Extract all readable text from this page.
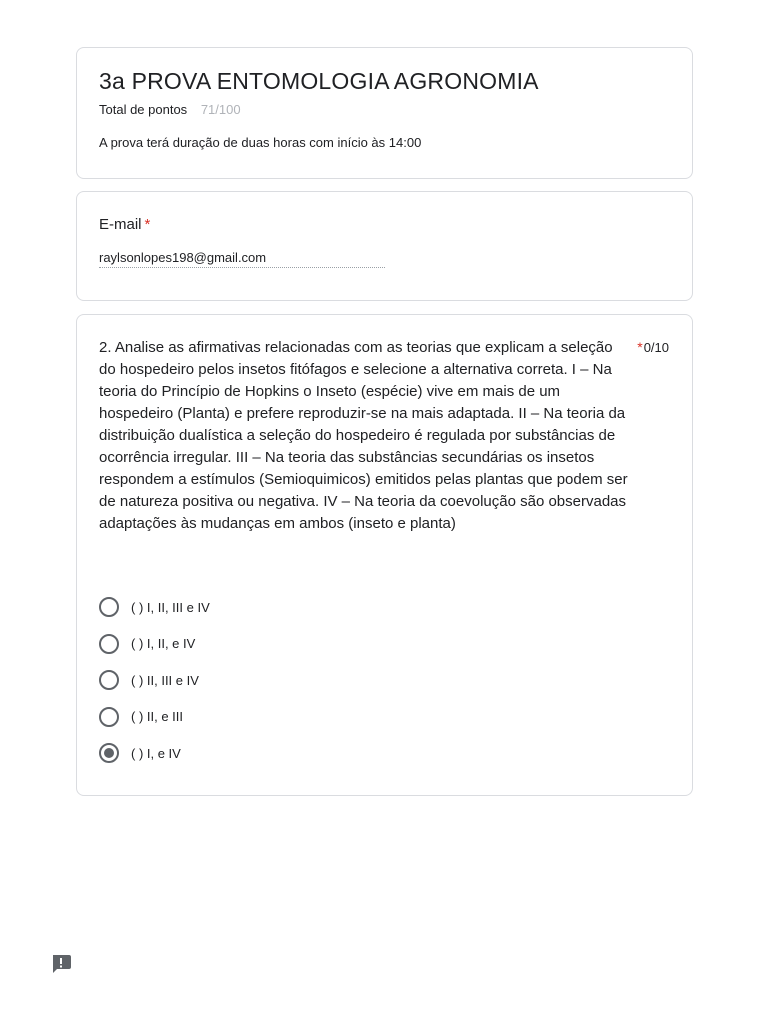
3a PROVA ENTOMOLOGIA AGRONOMIA
Total de pontos 71/100
A prova terá duração de duas horas com início às 14:00
E-mail *
raylsonlopes198@gmail.com
2. Analise as afirmativas relacionadas com as teorias que explicam a seleção do hospedeiro pelos insetos fitófagos e selecione a alternativa correta. I – Na teoria do Princípio de Hopkins o Inseto (espécie) vive em mais de um hospedeiro (Planta) e prefere reproduzir-se na mais adaptada. II – Na teoria da distribuição dualística a seleção do hospedeiro é regulada por substâncias de ocorrência irregular. III – Na teoria das substâncias secundárias os insetos respondem a estímulos (Semioquimicos) emitidos pelas plantas que podem ser de natureza positiva ou negativa. IV – Na teoria da coevolução são observadas adaptações às mudanças em ambos (inseto e planta)
*0/10
( ) I, II, III e IV
( ) I, II, e IV
( ) II, III e IV
( ) II, e III
( ) I, e IV
